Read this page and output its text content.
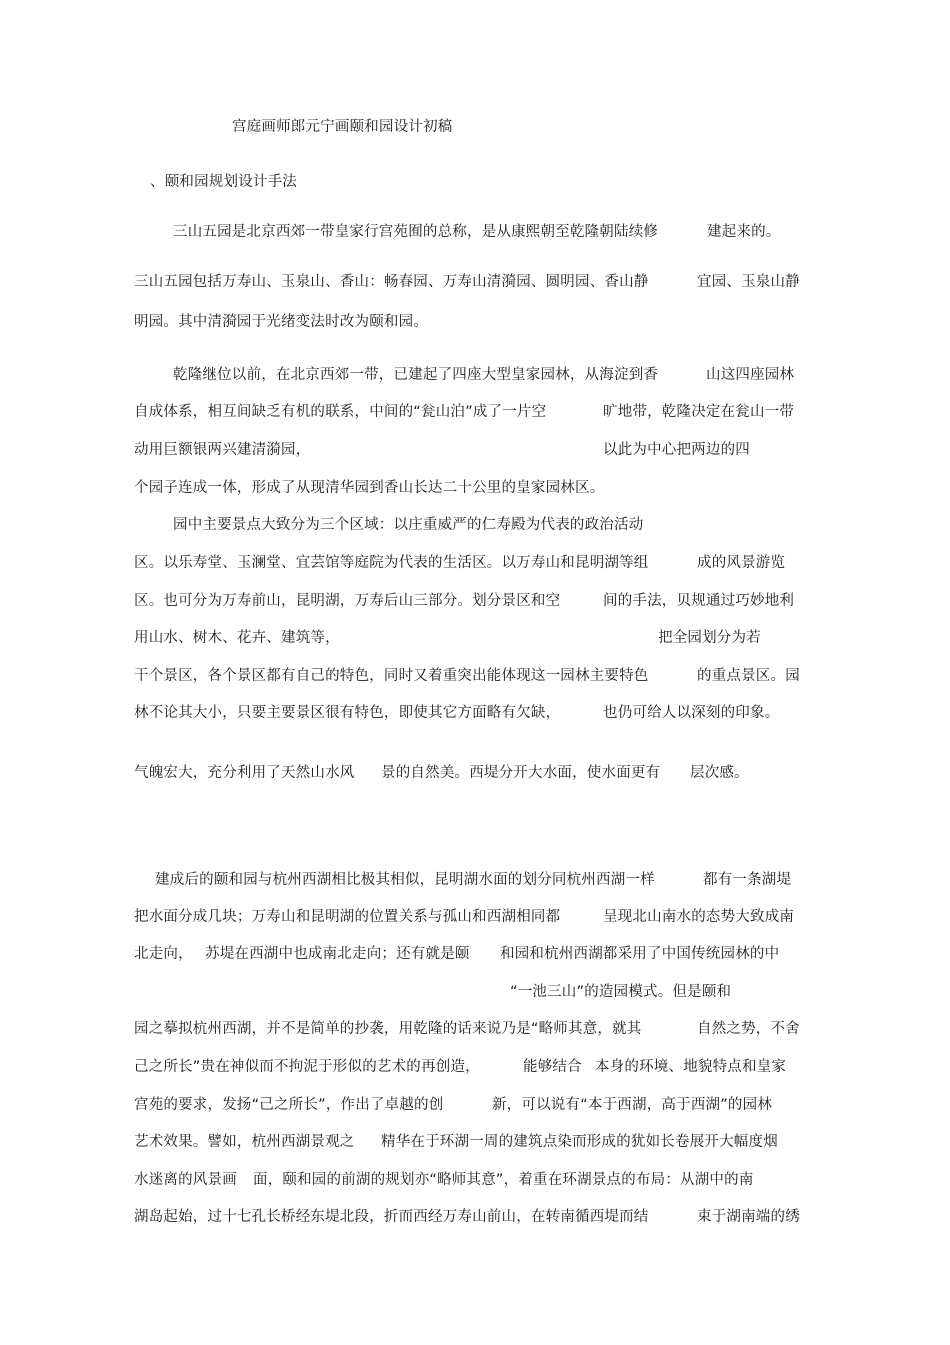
宫庭画师郎元宁画颐和园设计初稿
、颐和园规划设计手法
三山五园是北京西郊一带皇家行宫苑囿的总称，是从康熙朝至乾隆朝陆续修	建起来的。
三山五园包括万寿山、玉泉山、香山：畅春园、万寿山清漪园、圆明园、香山静	宜园、玉泉山静
明园。其中清漪园于光绪变法时改为颐和园。
乾隆继位以前，在北京西郊一带，已建起了四座大型皇家园林，从海淀到香	山这四座园林
自成体系，相互间缺乏有机的联系，中间的“瓮山泊”成了一片空	旷地带，乾隆决定在瓮山一带
动用巨额银两兴建清漪园，	以此为中心把两边的四
个园子连成一体，形成了从现清华园到香山长达二十公里的皇家园林区。
园中主要景点大致分为三个区域：以庄重威严的仁寿殿为代表的政治活动
区。以乐寿堂、玉澜堂、宜芸馆等庭院为代表的生活区。以万寿山和昆明湖等组	成的风景游览
区。也可分为万寿前山，昆明湖，万寿后山三部分。划分景区和空	间的手法，贝规通过巧妙地利
用山水、树木、花卉、建筑等，	把全园划分为若
干个景区，各个景区都有自己的特色，同时又着重突出能体现这一园林主要特色	的重点景区。园
林不论其大小，只要主要景区很有特色，即使其它方面略有欠缺，	也仍可给人以深刻的印象。
气魄宏大，充分利用了天然山水风 景的自然美。西堤分开大水面，使水面更有 层次感。
建成后的颐和园与杭州西湖相比极其相似，昆明湖水面的划分同杭州西湖一样	都有一条湖堤
把水面分成几块；万寿山和昆明湖的位置关系与孤山和西湖相同都	呈现北山南水的态势大致成南
北走向， 苏堤在西湖中也成南北走向；还有就是颐 和园和杭州西湖都采用了中国传统园林的中
“一池三山”的造园模式。但是颐和
园之摹拟杭州西湖，并不是简单的抄袭，用乾隆的话来说乃是“略师其意，就其	自然之势，不舍
己之所长”贵在神似而不拘泥于形似的艺术的再创造，	能够结合 本身的环境、地貌特点和皇家
宫苑的要求，发扬“己之所长”，作出了卓越的创	新，可以说有“本于西湖，高于西湖”的园林
艺术效果。譬如，杭州西湖景观之 精华在于环湖一周的建筑点染而形成的犹如长卷展开大幅度烟
水迷离的风景画 面，颐和园的前湖的规划亦“略师其意”，着重在环湖景点的布局：从湖中的南
湖岛起始，过十七孔长桥经东堤北段，折而西经万寿山前山，在转南循西堤而结	束于湖南端的绣
